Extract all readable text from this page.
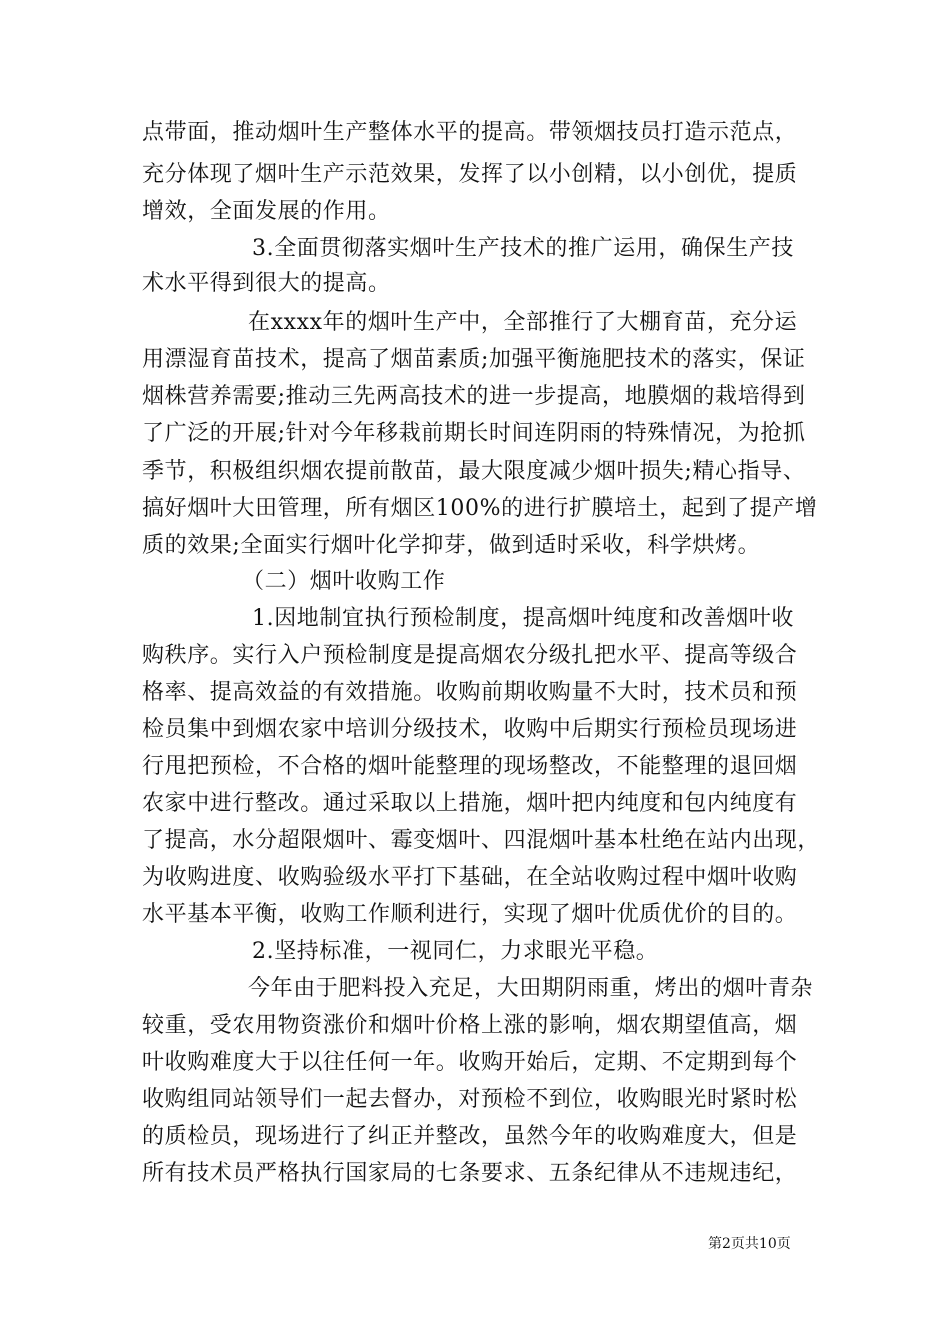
点带面，推动烟叶生产整体水平的提高。带领烟技员打造示范点，
充分体现了烟叶生产示范效果，发挥了以小创精，以小创优，提质
增效，全面发展的作用。
3.全面贯彻落实烟叶生产技术的推广运用，确保生产技
术水平得到很大的提高。
在xxxx年的烟叶生产中，全部推行了大棚育苗，充分运
用漂湿育苗技术，提高了烟苗素质;加强平衡施肥技术的落实，保证
烟株营养需要;推动三先两高技术的进一步提高，地膜烟的栽培得到
了广泛的开展;针对今年移栽前期长时间连阴雨的特殊情况，为抢抓
季节，积极组织烟农提前散苗，最大限度减少烟叶损失;精心指导、
搞好烟叶大田管理，所有烟区100%的进行扩膜培土，起到了提产增
质的效果;全面实行烟叶化学抑芽，做到适时采收，科学烘烤。
（二）烟叶收购工作
1.因地制宜执行预检制度，提高烟叶纯度和改善烟叶收
购秩序。实行入户预检制度是提高烟农分级扎把水平、提高等级合
格率、提高效益的有效措施。收购前期收购量不大时，技术员和预
检员集中到烟农家中培训分级技术，收购中后期实行预检员现场进
行甩把预检，不合格的烟叶能整理的现场整改，不能整理的退回烟
农家中进行整改。通过采取以上措施，烟叶把内纯度和包内纯度有
了提高，水分超限烟叶、霉变烟叶、四混烟叶基本杜绝在站内出现，
为收购进度、收购验级水平打下基础，在全站收购过程中烟叶收购
水平基本平衡，收购工作顺利进行，实现了烟叶优质优价的目的。
2.坚持标准，一视同仁，力求眼光平稳。
今年由于肥料投入充足，大田期阴雨重，烤出的烟叶青杂
较重，受农用物资涨价和烟叶价格上涨的影响，烟农期望值高，烟
叶收购难度大于以往任何一年。收购开始后，定期、不定期到每个
收购组同站领导们一起去督办，对预检不到位，收购眼光时紧时松
的质检员，现场进行了纠正并整改，虽然今年的收购难度大，但是
所有技术员严格执行国家局的七条要求、五条纪律从不违规违纪，
第2页共10页
